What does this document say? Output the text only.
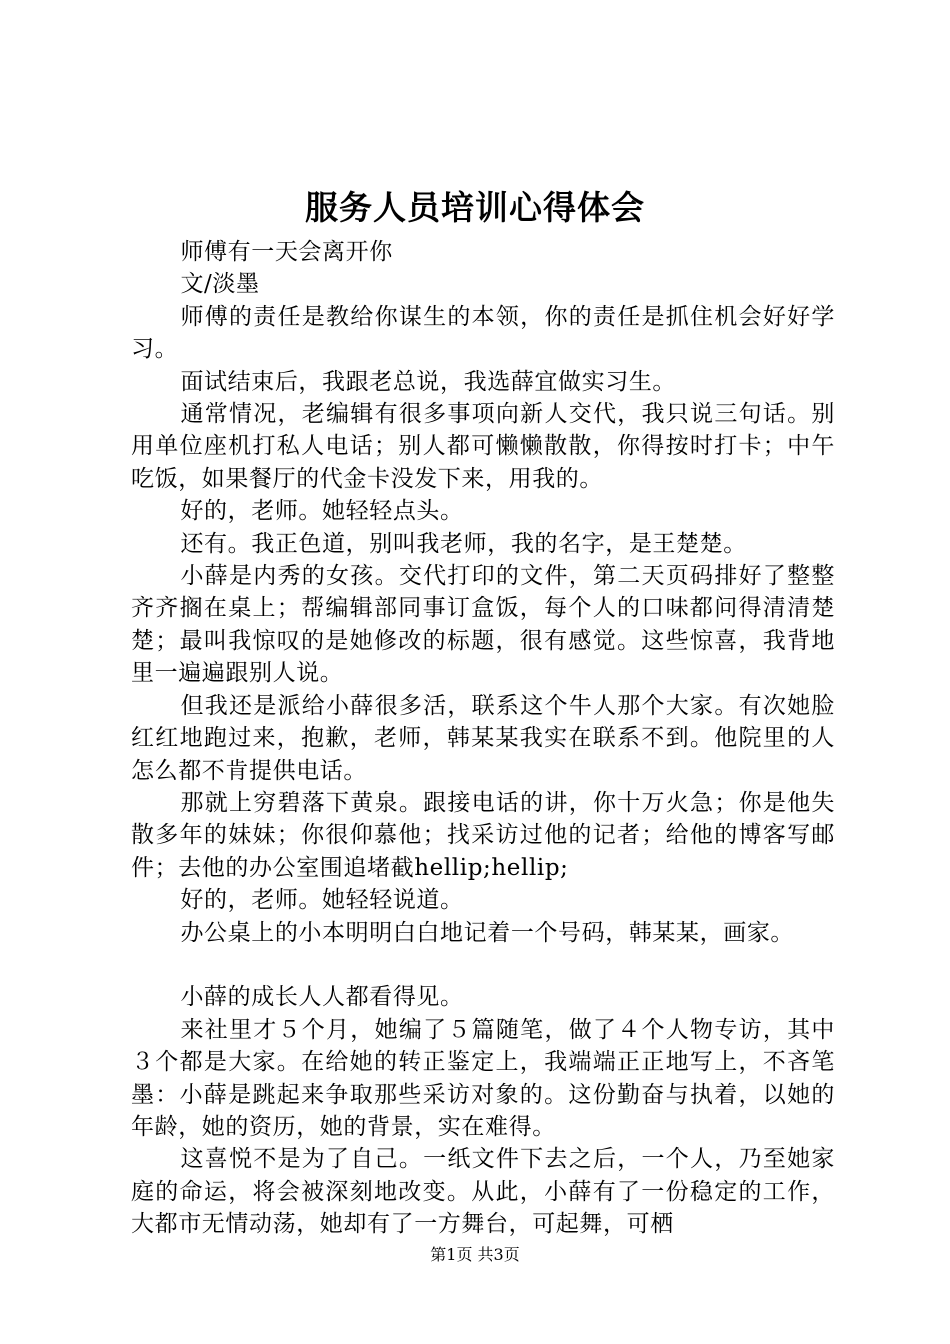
服务人员培训心得体会

师傅有一天会离开你

文/淡墨

师傅的责任是教给你谋生的本领，你的责任是抓住机会好好学习。

面试结束后，我跟老总说，我选薛宜做实习生。

通常情况，老编辑有很多事项向新人交代，我只说三句话。别用单位座机打私人电话；别人都可懒懒散散，你得按时打卡；中午吃饭，如果餐厅的代金卡没发下来，用我的。

好的，老师。她轻轻点头。

还有。我正色道，别叫我老师，我的名字，是王楚楚。

小薛是内秀的女孩。交代打印的文件，第二天页码排好了整整齐齐搁在桌上；帮编辑部同事订盒饭，每个人的口味都问得清清楚楚；最叫我惊叹的是她修改的标题，很有感觉。这些惊喜，我背地里一遍遍跟别人说。

但我还是派给小薛很多活，联系这个牛人那个大家。有次她脸红红地跑过来，抱歉，老师，韩某某我实在联系不到。他院里的人怎么都不肯提供电话。

那就上穷碧落下黄泉。跟接电话的讲，你十万火急；你是他失散多年的妹妹；你很仰慕他；找采访过他的记者；给他的博客写邮件；去他的办公室围追堵截hellip;hellip;

好的，老师。她轻轻说道。

办公桌上的小本明明白白地记着一个号码，韩某某，画家。

小薛的成长人人都看得见。

来社里才５个月，她编了５篇随笔，做了４个人物专访，其中３个都是大家。在给她的转正鉴定上，我端端正正地写上，不吝笔墨：小薛是跳起来争取那些采访对象的。这份勤奋与执着，以她的年龄，她的资历，她的背景，实在难得。

这喜悦不是为了自己。一纸文件下去之后，一个人，乃至她家庭的命运，将会被深刻地改变。从此，小薛有了一份稳定的工作，大都市无情动荡，她却有了一方舞台，可起舞，可栖

第1页 共3页
